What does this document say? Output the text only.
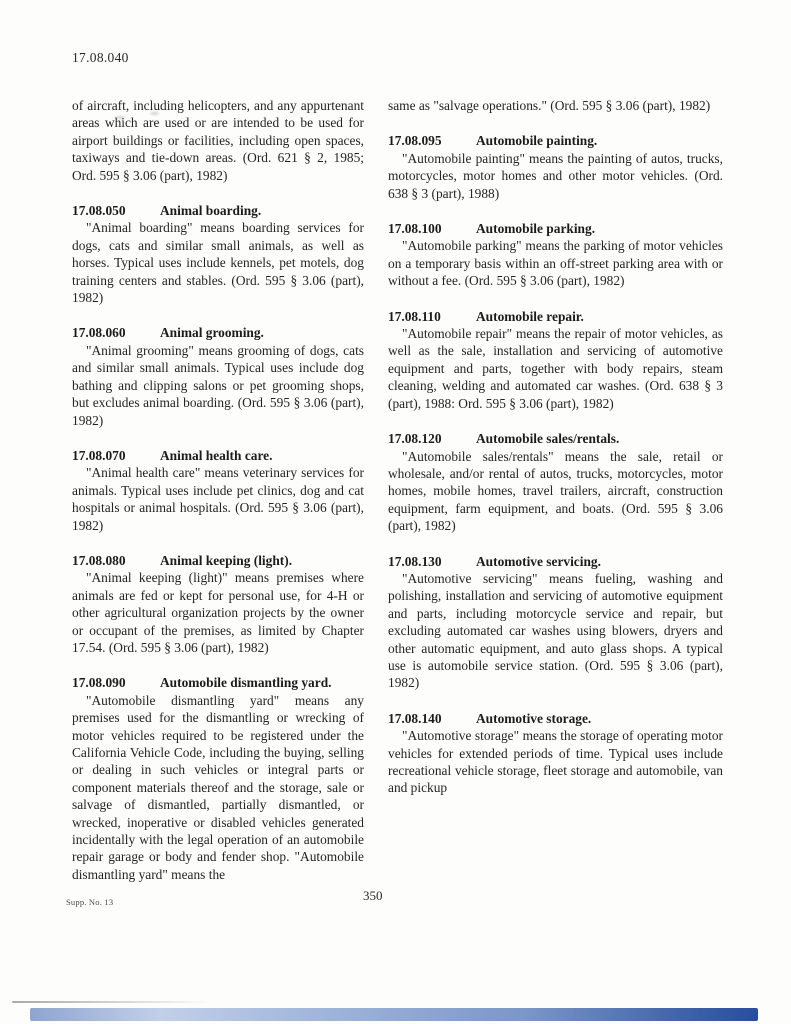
17.08.040

of aircraft, including helicopters, and any appurtenant areas which are used or are intended to be used for airport buildings or facilities, including open spaces, taxiways and tie-down areas. (Ord. 621 § 2, 1985; Ord. 595 § 3.06 (part), 1982)

17.08.050	Animal boarding.

"Animal boarding" means boarding services for dogs, cats and similar small animals, as well as horses. Typical uses include kennels, pet motels, dog training centers and stables. (Ord. 595 § 3.06 (part), 1982)

17.08.060	Animal grooming.

"Animal grooming" means grooming of dogs, cats and similar small animals. Typical uses include dog bathing and clipping salons or pet grooming shops, but excludes animal boarding. (Ord. 595 § 3.06 (part), 1982)

17.08.070	Animal health care.

"Animal health care" means veterinary services for animals. Typical uses include pet clinics, dog and cat hospitals or animal hospitals. (Ord. 595 § 3.06 (part), 1982)

17.08.080	Animal keeping (light).

"Animal keeping (light)" means premises where animals are fed or kept for personal use, for 4-H or other agricultural organization projects by the owner or occupant of the premises, as limited by Chapter 17.54. (Ord. 595 § 3.06 (part), 1982)

17.08.090	Automobile dismantling yard.

"Automobile dismantling yard" means any premises used for the dismantling or wrecking of motor vehicles required to be registered under the California Vehicle Code, including the buying, selling or dealing in such vehicles or integral parts or component materials thereof and the storage, sale or salvage of dismantled, partially dismantled, or wrecked, inoperative or disabled vehicles generated incidentally with the legal operation of an automobile repair garage or body and fender shop. "Automobile dismantling yard" means the

same as "salvage operations." (Ord. 595 § 3.06 (part), 1982)

17.08.095	Automobile painting.

"Automobile painting" means the painting of autos, trucks, motorcycles, motor homes and other motor vehicles. (Ord. 638 § 3 (part), 1988)

17.08.100	Automobile parking.

"Automobile parking" means the parking of motor vehicles on a temporary basis within an off-street parking area with or without a fee. (Ord. 595 § 3.06 (part), 1982)

17.08.110	Automobile repair.

"Automobile repair" means the repair of motor vehicles, as well as the sale, installation and servicing of automotive equipment and parts, together with body repairs, steam cleaning, welding and automated car washes. (Ord. 638 § 3 (part), 1988: Ord. 595 § 3.06 (part), 1982)

17.08.120	Automobile sales/rentals.

"Automobile sales/rentals" means the sale, retail or wholesale, and/or rental of autos, trucks, motorcycles, motor homes, mobile homes, travel trailers, aircraft, construction equipment, farm equipment, and boats. (Ord. 595 § 3.06 (part), 1982)

17.08.130	Automotive servicing.

"Automotive servicing" means fueling, washing and polishing, installation and servicing of automotive equipment and parts, including motorcycle service and repair, but excluding automated car washes using blowers, dryers and other automatic equipment, and auto glass shops. A typical use is automobile service station. (Ord. 595 § 3.06 (part), 1982)

17.08.140	Automotive storage.

"Automotive storage" means the storage of operating motor vehicles for extended periods of time. Typical uses include recreational vehicle storage, fleet storage and automobile, van and pickup

Supp. No. 13	350
